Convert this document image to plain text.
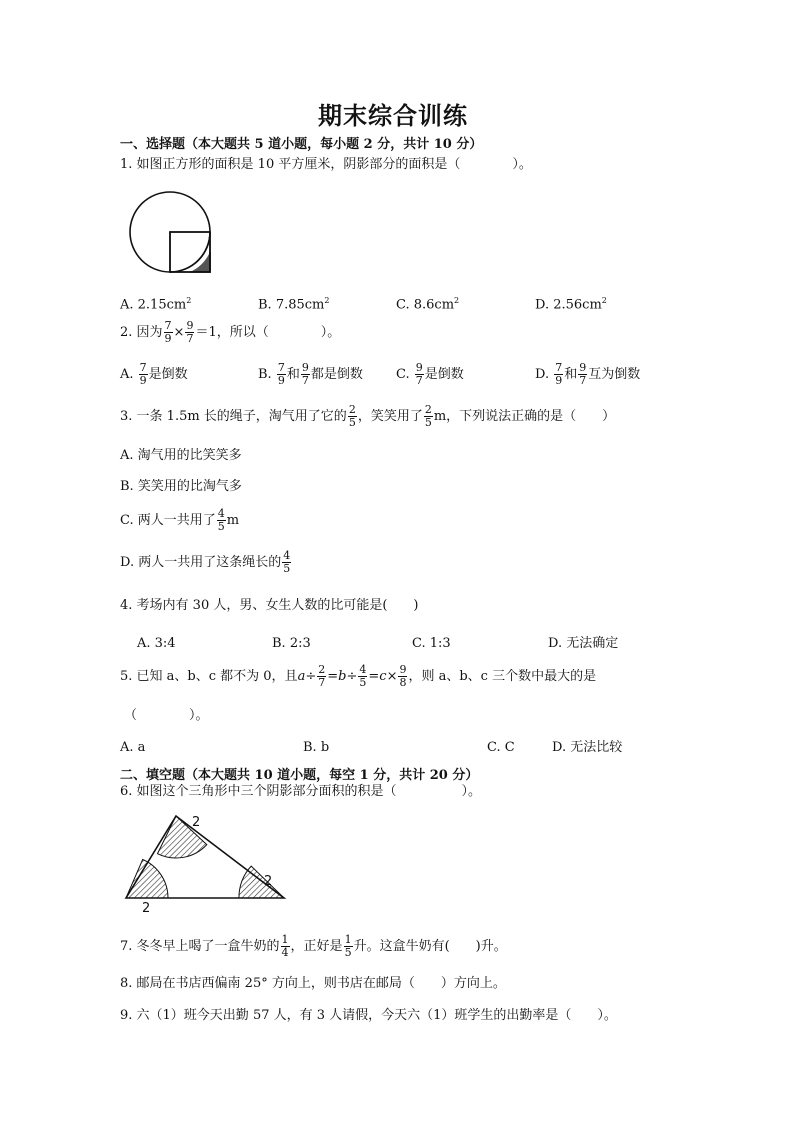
期末综合训练
一、选择题（本大题共 5 道小题，每小题 2 分，共计 10 分）
1. 如图正方形的面积是 10 平方厘米，阴影部分的面积是（　　　　）。
A. $2.15cm^2$	B. $7.85cm^2$	C. $8.6cm^2$	D. $2.56cm^2$
2. 因为 $\frac{7}{9} \times \frac{9}{7} =1$，所以（　　　　）。
A. $\frac{7}{9}$ 是倒数	B. $\frac{7}{9}$ 和 $\frac{9}{7}$ 都是倒数	C. $\frac{9}{7}$ 是倒数	D. $\frac{7}{9}$ 和 $\frac{9}{7}$ 互为倒数
3. 一条 1.5m 长的绳子，淘气用了它的 $\frac{2}{5}$ ，笑笑用了 $\frac{2}{5}$ m，下列说法正确的是（　　）
A. 淘气用的比笑笑多
B. 笑笑用的比淘气多
C. 两人一共用了 $\frac{4}{5}$ m
D. 两人一共用了这条绳长的 $\frac{4}{5}$
4. 考场内有 30 人，男、女生人数的比可能是(　　)
A. 3:4	B. 2:3	C. 1:3	D. 无法确定
5. 已知 a、b、c 都不为 0，且$a\div \frac{2}{7} =b\div \frac{4}{5} =c\times \frac{9}{8}$ ，则 a、b、c 三个数中最大的是
（　　　　）。
A. a	B. b	C. C	D. 无法比较
二、填空题（本大题共 10 道小题，每空 1 分，共计 20 分）
6. 如图这个三角形中三个阴影部分面积的积是（　　　　　）。
2
2
2
7. 冬冬早上喝了一盒牛奶的 $\frac{1}{4}$ ，正好是 $\frac{1}{5}$ 升。这盒牛奶有(　　)升。
8. 邮局在书店西偏南 25° 方向上，则书店在邮局（　　）方向上。
9. 六（1）班今天出勤 57 人，有 3 人请假，今天六（1）班学生的出勤率是（　　）。
